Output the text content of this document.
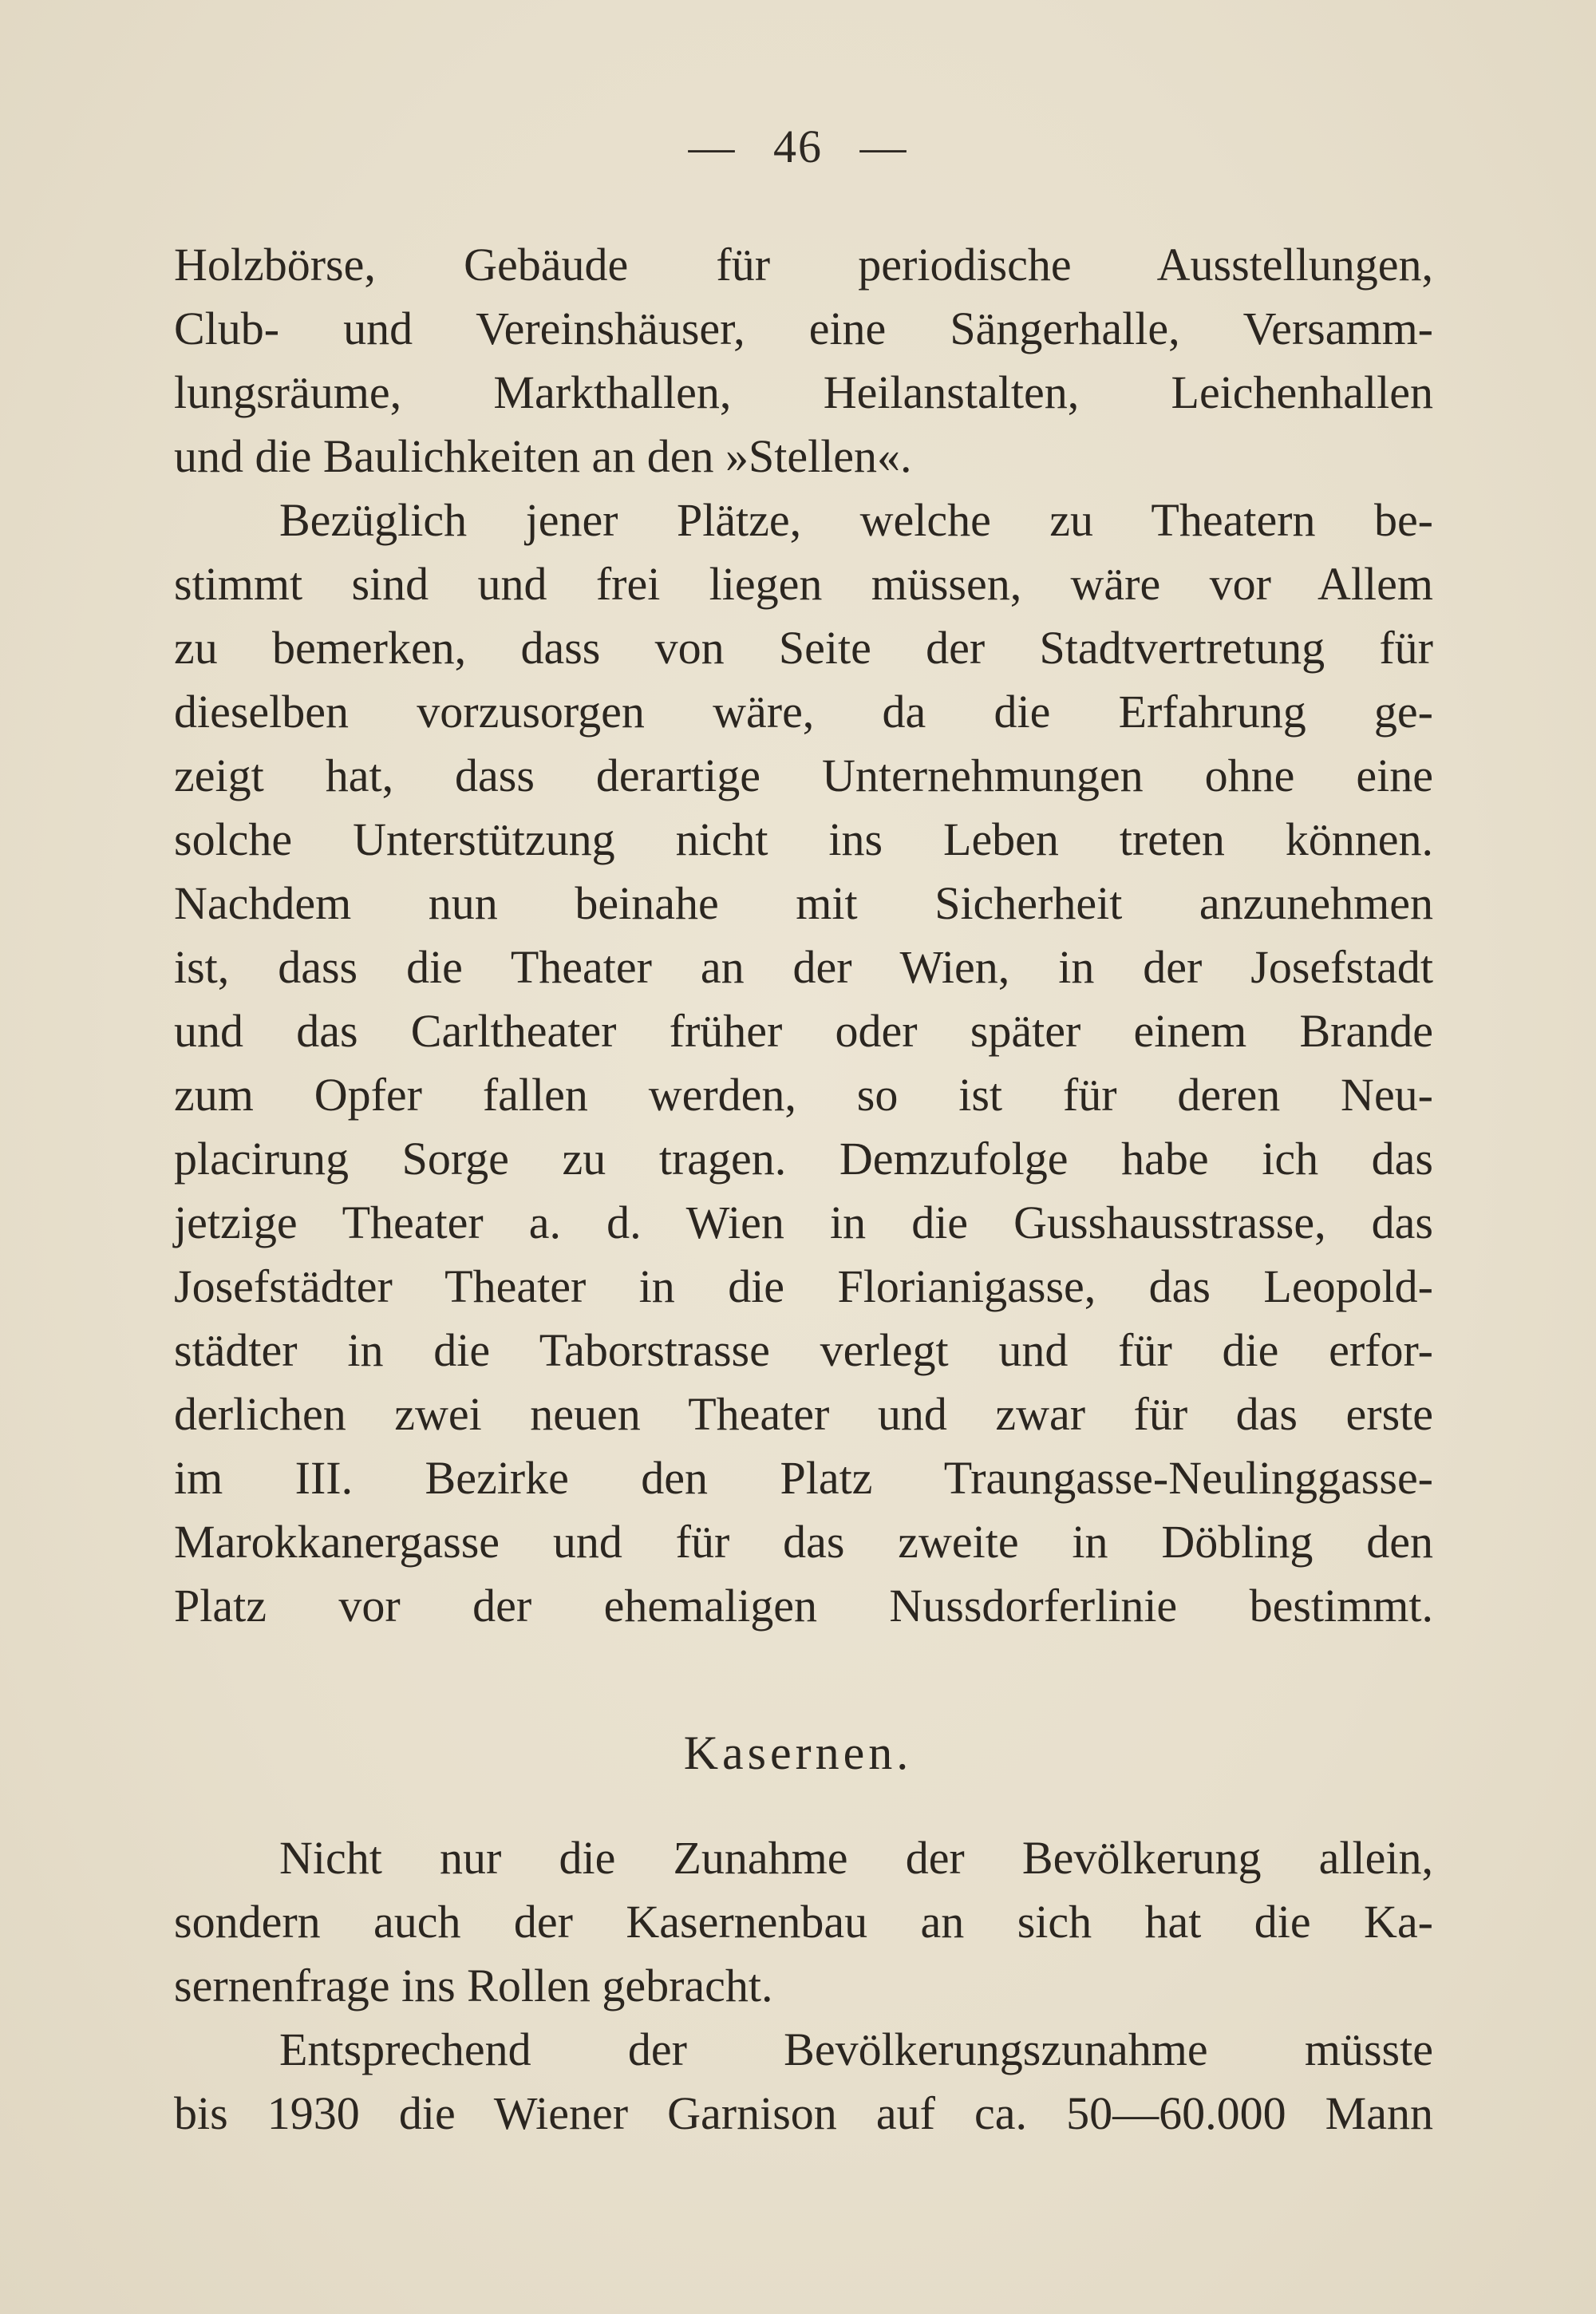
— 46 —
Holzbörse, Gebäude für periodische Ausstellungen,
Club- und Vereinshäuser, eine Sängerhalle, Versamm-
lungsräume, Markthallen, Heilanstalten, Leichenhallen
und die Baulichkeiten an den »Stellen«.
Bezüglich jener Plätze, welche zu Theatern be-
stimmt sind und frei liegen müssen, wäre vor Allem
zu bemerken, dass von Seite der Stadtvertretung für
dieselben vorzusorgen wäre, da die Erfahrung ge-
zeigt hat, dass derartige Unternehmungen ohne eine
solche Unterstützung nicht ins Leben treten können.
Nachdem nun beinahe mit Sicherheit anzunehmen
ist, dass die Theater an der Wien, in der Josefstadt
und das Carltheater früher oder später einem Brande
zum Opfer fallen werden, so ist für deren Neu-
placirung Sorge zu tragen. Demzufolge habe ich das
jetzige Theater a. d. Wien in die Gusshausstrasse, das
Josefstädter Theater in die Florianigasse, das Leopold-
städter in die Taborstrasse verlegt und für die erfor-
derlichen zwei neuen Theater und zwar für das erste
im III. Bezirke den Platz Traungasse-Neulinggasse-
Marokkanergasse und für das zweite in Döbling den
Platz vor der ehemaligen Nussdorferlinie bestimmt.
Kasernen.
Nicht nur die Zunahme der Bevölkerung allein,
sondern auch der Kasernenbau an sich hat die Ka-
sernenfrage ins Rollen gebracht.
Entsprechend der Bevölkerungszunahme müsste
bis 1930 die Wiener Garnison auf ca. 50—60.000 Mann
